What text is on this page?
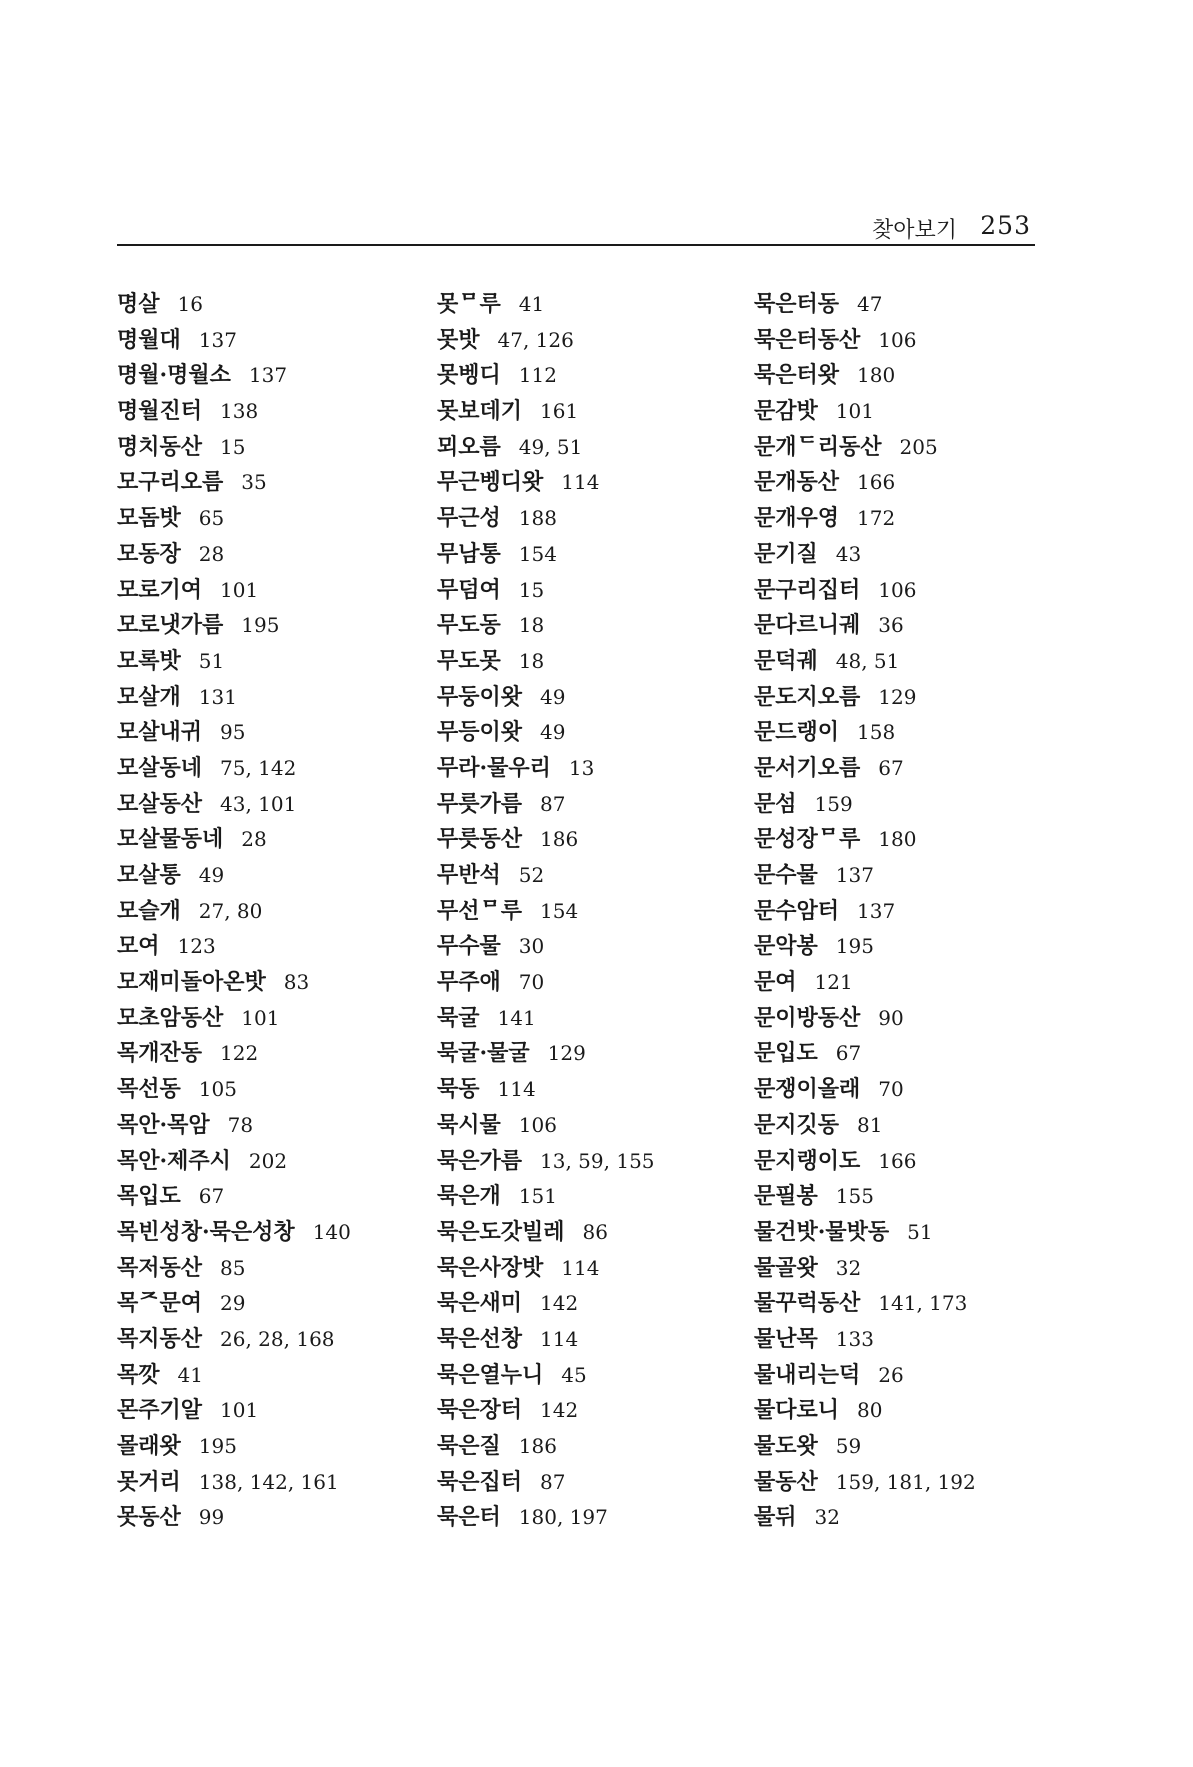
찾아보기 253
명살 16
명월대 137
명월·명월소 137
명월진터 138
명치동산 15
모구리오름 35
모돔밧 65
모동장 28
모로기여 101
모로냇가름 195
모록밧 51
모살개 131
모살내귀 95
모살동네 75, 142
모살동산 43, 101
모살물동네 28
모살통 49
모슬개 27, 80
모여 123
모재미돌아온밧 83
모초암동산 101
목개잔동 122
목선동 105
목안·목암 78
목안·제주시 202
목입도 67
목빈성창·묵은성창 140
목저동산 85
목ᄌ문여 29
목지동산 26, 28, 168
목깟 41
몬주기알 101
몰래왓 195
못거리 138, 142, 161
못동산 99
못ᄆ루 41
못밧 47, 126
못벵디 112
못보데기 161
뫼오름 49, 51
무근벵디왓 114
무근성 188
무남통 154
무덤여 15
무도동 18
무도못 18
무둥이왓 49
무등이왓 49
무라·물우리 13
무릇가름 87
무릇동산 186
무반석 52
무선ᄆ루 154
무수물 30
무주애 70
묵굴 141
묵굴·물굴 129
묵동 114
묵시물 106
묵은가름 13, 59, 155
묵은개 151
묵은도갓빌레 86
묵은사장밧 114
묵은새미 142
묵은선창 114
묵은열누니 45
묵은장터 142
묵은질 186
묵은집터 87
묵은터 180, 197
묵은터동 47
묵은터동산 106
묵은터왓 180
문감밧 101
문개ᄃ리동산 205
문개동산 166
문개우영 172
문기질 43
문구리집터 106
문다르니궤 36
문덕궤 48, 51
문도지오름 129
문드랭이 158
문서기오름 67
문섬 159
문성장ᄆ루 180
문수물 137
문수암터 137
문악봉 195
문여 121
문이방동산 90
문입도 67
문쟁이올래 70
문지깃동 81
문지랭이도 166
문필봉 155
물건밧·물밧동 51
물골왓 32
물꾸럭동산 141, 173
물난목 133
물내리는덕 26
물다로니 80
물도왓 59
물동산 159, 181, 192
물뒤 32
